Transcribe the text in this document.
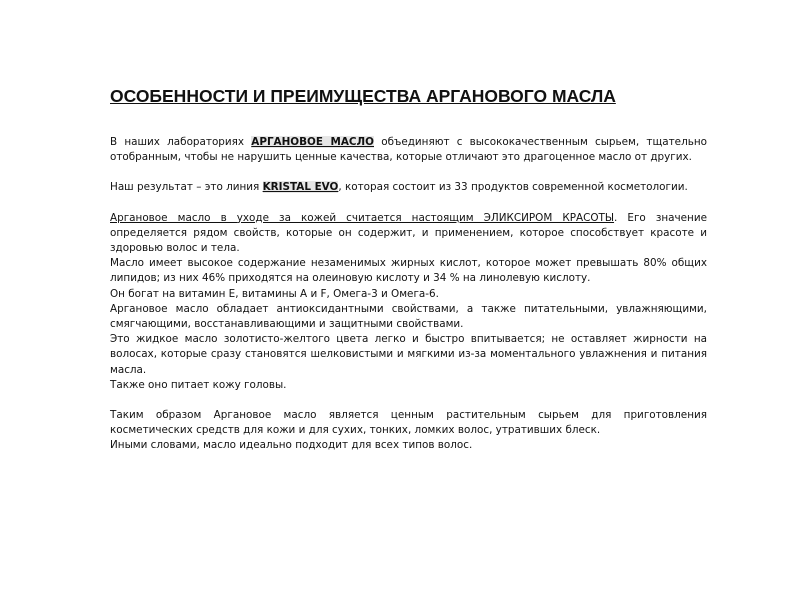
ОСОБЕННОСТИ И ПРЕИМУЩЕСТВА АРГАНОВОГО МАСЛА

В наших лабораториях АРГАНОВОЕ МАСЛО объединяют с высококачественным сырьем, тщательно отобранным, чтобы не нарушить ценные качества, которые отличают это драгоценное масло от других.

Наш результат – это линия KRISTAL EVO, которая состоит из 33 продуктов современной косметологии.

Аргановое масло в уходе за кожей считается настоящим ЭЛИКСИРОМ КРАСОТЫ. Его значение определяется рядом свойств, которые он содержит, и применением, которое способствует красоте и здоровью волос и тела.

Масло имеет высокое содержание незаменимых жирных кислот, которое может превышать 80% общих липидов; из них 46% приходятся на олеиновую кислоту и 34 % на линолевую кислоту.

Он богат на витамин Е, витамины А и F, Омега-3 и Омега-6.

Аргановое масло обладает антиоксидантными свойствами, а также питательными, увлажняющими, смягчающими, восстанавливающими и защитными свойствами.

Это жидкое масло золотисто-желтого цвета легко и быстро впитывается; не оставляет жирности на волосах, которые сразу становятся шелковистыми и мягкими из-за моментального увлажнения и питания масла.

Также оно питает кожу головы.

Таким образом Аргановое масло является ценным растительным сырьем для приготовления косметических средств для кожи и для сухих, тонких, ломких волос, утративших блеск.

Иными словами, масло идеально подходит для всех типов волос.
